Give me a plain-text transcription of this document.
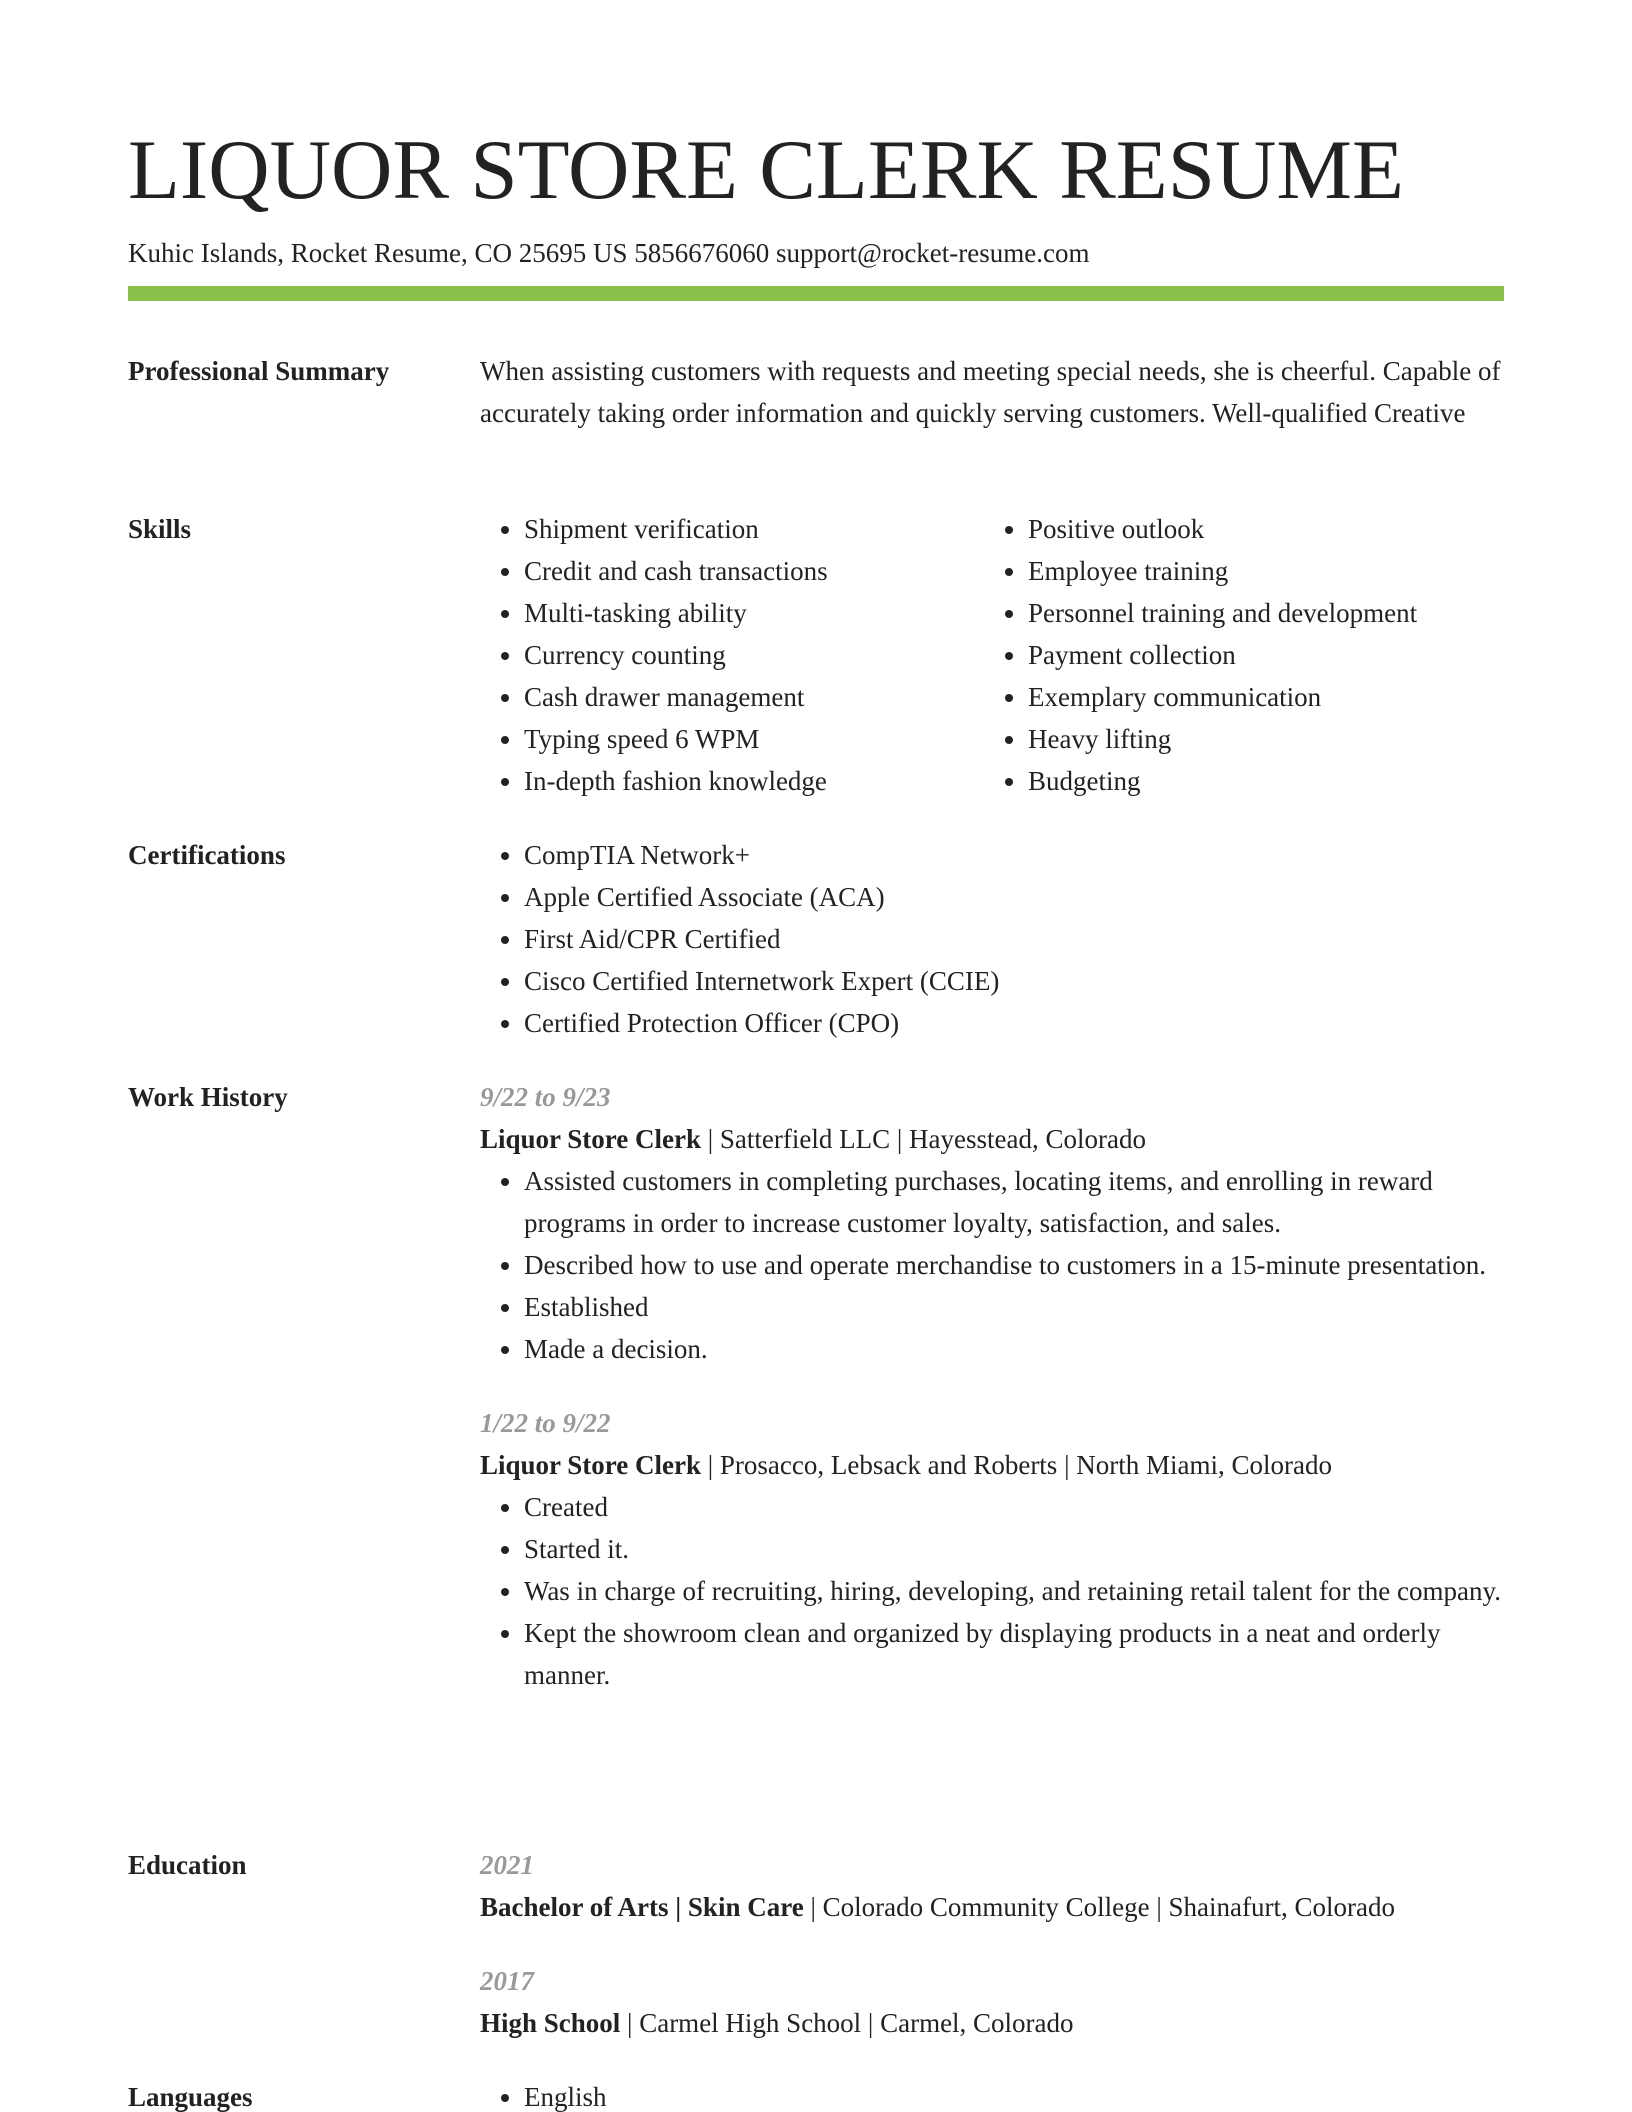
LIQUOR STORE CLERK RESUME
Kuhic Islands, Rocket Resume, CO 25695 US 5856676060 support@rocket-resume.com
Professional Summary	When assisting customers with requests and meeting special needs, she is cheerful. Capable of accurately taking order information and quickly serving customers. Well-qualified Creative

Skills	• Shipment verification
• Credit and cash transactions
• Multi-tasking ability
• Currency counting
• Cash drawer management
• Typing speed 6 WPM
• In-depth fashion knowledge
• Positive outlook
• Employee training
• Personnel training and development
• Payment collection
• Exemplary communication
• Heavy lifting
• Budgeting
Certifications	• CompTIA Network+
• Apple Certified Associate (ACA)
• First Aid/CPR Certified
• Cisco Certified Internetwork Expert (CCIE)
• Certified Protection Officer (CPO)
Work History	9/22 to 9/23
Liquor Store Clerk | Satterfield LLC | Hayesstead, Colorado
• Assisted customers in completing purchases, locating items, and enrolling in reward programs in order to increase customer loyalty, satisfaction, and sales.
• Described how to use and operate merchandise to customers in a 15-minute presentation.
• Established
• Made a decision.
1/22 to 9/22
Liquor Store Clerk | Prosacco, Lebsack and Roberts | North Miami, Colorado
• Created
• Started it.
• Was in charge of recruiting, hiring, developing, and retaining retail talent for the company.
• Kept the showroom clean and organized by displaying products in a neat and orderly manner.
Education	2021
Bachelor of Arts | Skin Care | Colorado Community College | Shainafurt, Colorado
2017
High School | Carmel High School | Carmel, Colorado
Languages	• English
